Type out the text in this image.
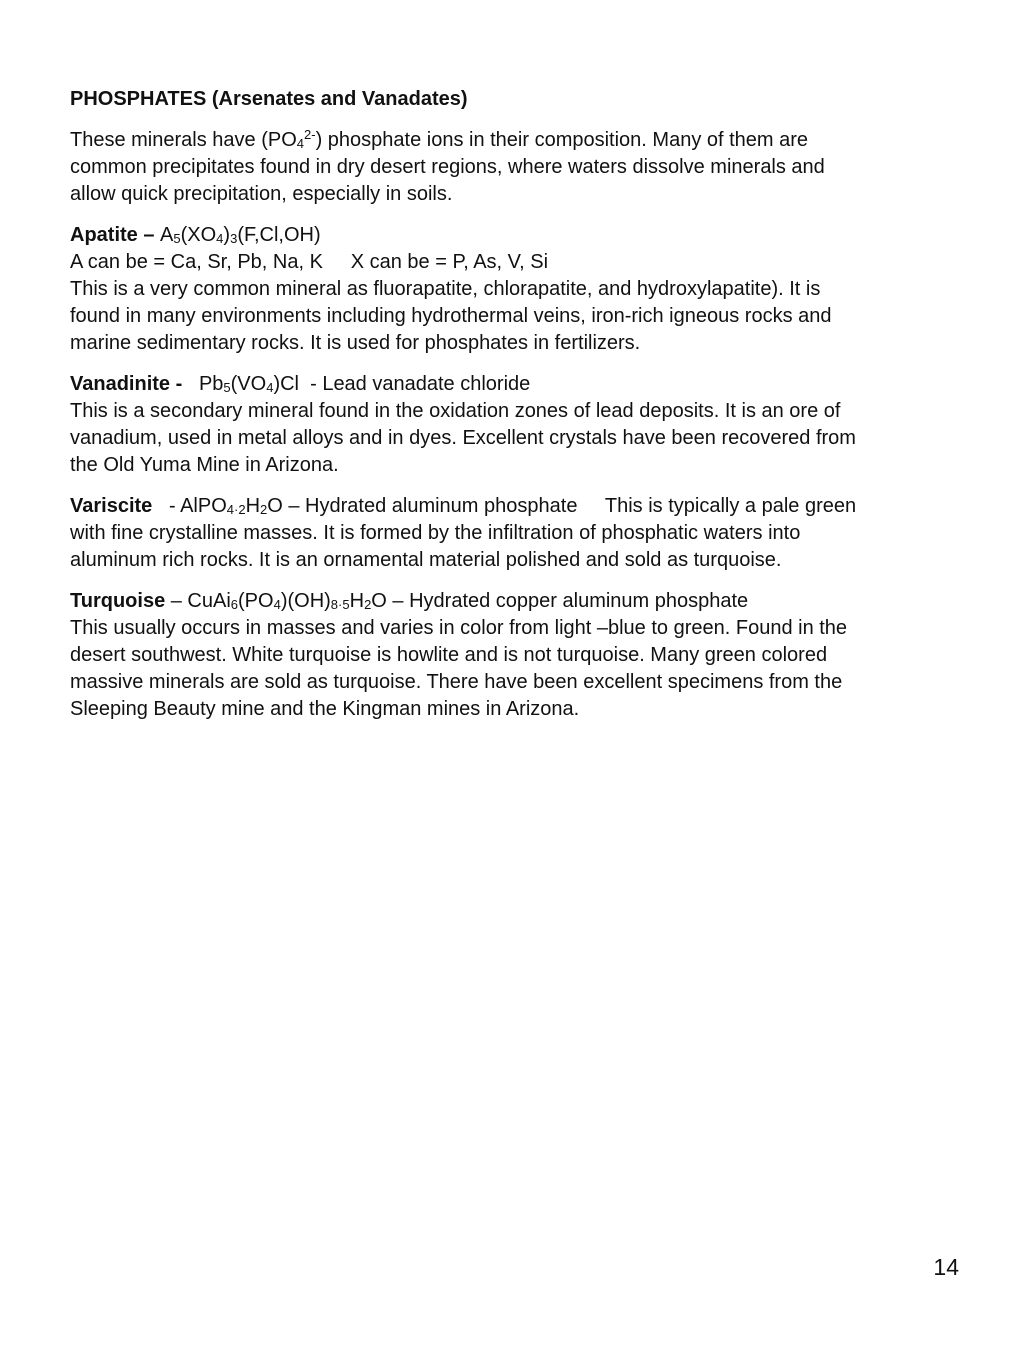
PHOSPHATES (Arsenates and Vanadates)
These minerals have $(PO_4^{2-})$ phosphate ions in their composition. Many of them are
common precipitates found in dry desert regions, where waters dissolve minerals and
allow quick precipitation, especially in soils.
Apatite – $A_5(XO_4)_3(F,Cl,OH)$
A can be = Ca, Sr, Pb, Na, K     X can be = P, As, V, Si
This is a very common mineral as fluorapatite, chlorapatite, and hydroxylapatite). It is
found in many environments including hydrothermal veins, iron-rich igneous rocks and
marine sedimentary rocks. It is used for phosphates in fertilizers.
Vanadinite -   $Pb_5(VO_4)Cl$  - Lead vanadate chloride
This is a secondary mineral found in the oxidation zones of lead deposits. It is an ore of
vanadium, used in metal alloys and in dyes. Excellent crystals have been recovered from
the Old Yuma Mine in Arizona.
Variscite   - $AlPO_{4\cdot 2}H_2O$ – Hydrated aluminum phosphate     This is typically a pale green
with fine crystalline masses. It is formed by the infiltration of phosphatic waters into
aluminum rich rocks. It is an ornamental material polished and sold as turquoise.
Turquoise – $CuAi_6(PO_4)(OH)_{8\cdot 5}H_2O$ – Hydrated copper aluminum phosphate
This usually occurs in masses and varies in color from light –blue to green. Found in the
desert southwest. White turquoise is howlite and is not turquoise. Many green colored
massive minerals are sold as turquoise. There have been excellent specimens from the
Sleeping Beauty mine and the Kingman mines in Arizona.
14
